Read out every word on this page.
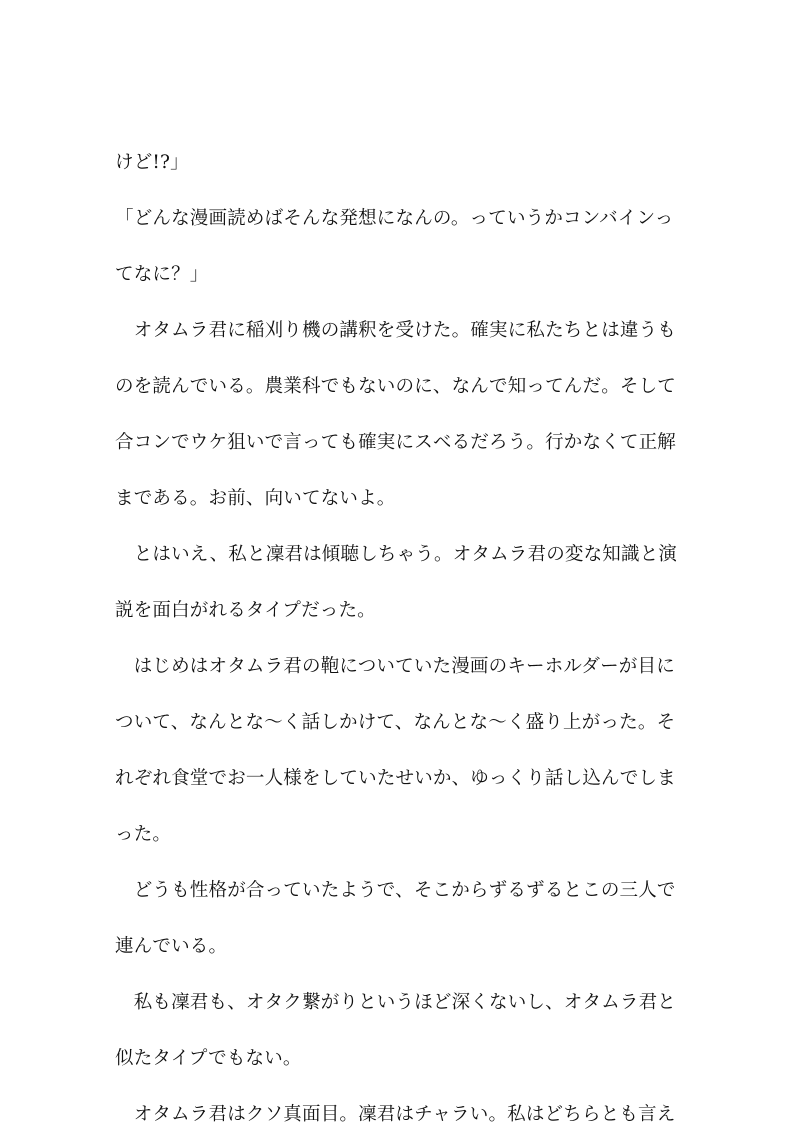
けど!?」
「どんな漫画読めばそんな発想になんの。っていうかコンバインっ
てなに？」
　オタムラ君に稲刈り機の講釈を受けた。確実に私たちとは違うも
のを読んでいる。農業科でもないのに、なんで知ってんだ。そして
合コンでウケ狙いで言っても確実にスベるだろう。行かなくて正解
まである。お前、向いてないよ。
　とはいえ、私と凜君は傾聴しちゃう。オタムラ君の変な知識と演
説を面白がれるタイプだった。
　はじめはオタムラ君の鞄についていた漫画のキーホルダーが目に
ついて、なんとな～く話しかけて、なんとな～く盛り上がった。そ
れぞれ食堂でお一人様をしていたせいか、ゆっくり話し込んでしま
った。
　どうも性格が合っていたようで、そこからずるずるとこの三人で
連んでいる。
　私も凜君も、オタク繋がりというほど深くないし、オタムラ君と
似たタイプでもない。
　オタムラ君はクソ真面目。凜君はチャラい。私はどちらとも言え
